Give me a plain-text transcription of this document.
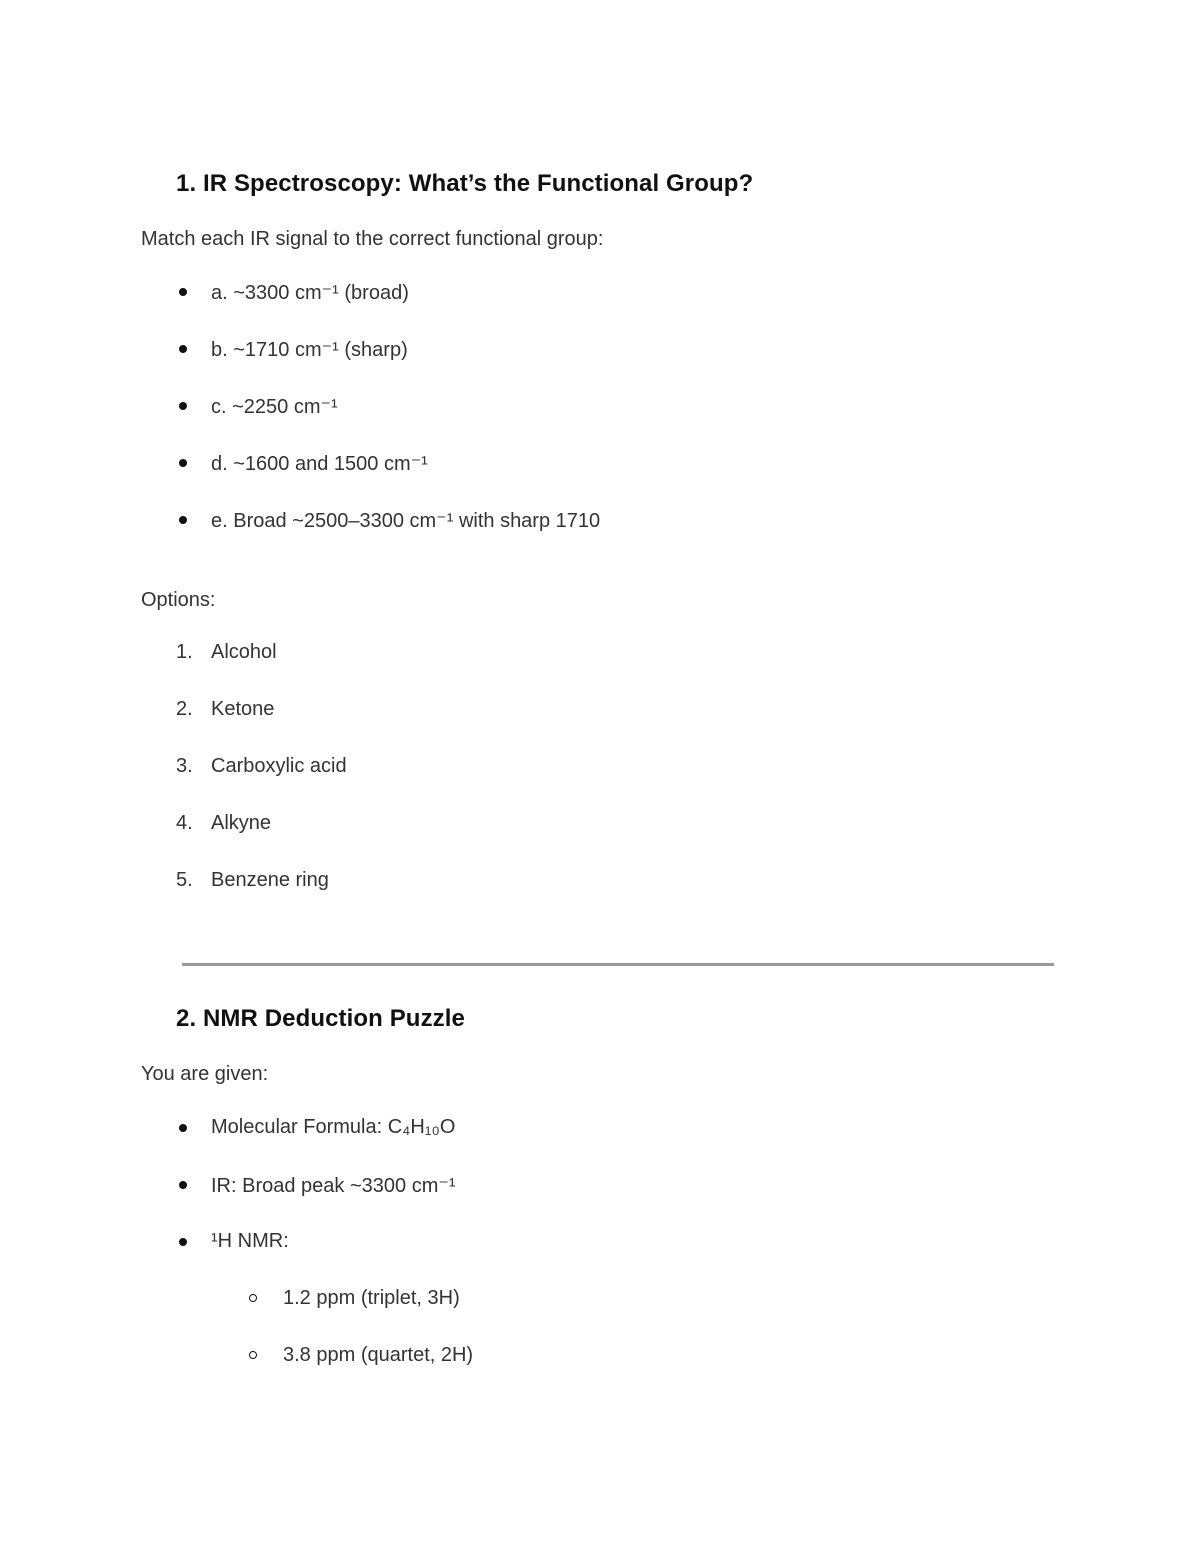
1. IR Spectroscopy: What’s the Functional Group?
Match each IR signal to the correct functional group:
a. ~3300 cm⁻¹ (broad)
b. ~1710 cm⁻¹ (sharp)
c. ~2250 cm⁻¹
d. ~1600 and 1500 cm⁻¹
e. Broad ~2500–3300 cm⁻¹ with sharp 1710
Options:
1. Alcohol
2. Ketone
3. Carboxylic acid
4. Alkyne
5. Benzene ring
2. NMR Deduction Puzzle
You are given:
Molecular Formula: C₄H₁₀O
IR: Broad peak ~3300 cm⁻¹
¹H NMR:
1.2 ppm (triplet, 3H)
3.8 ppm (quartet, 2H)
